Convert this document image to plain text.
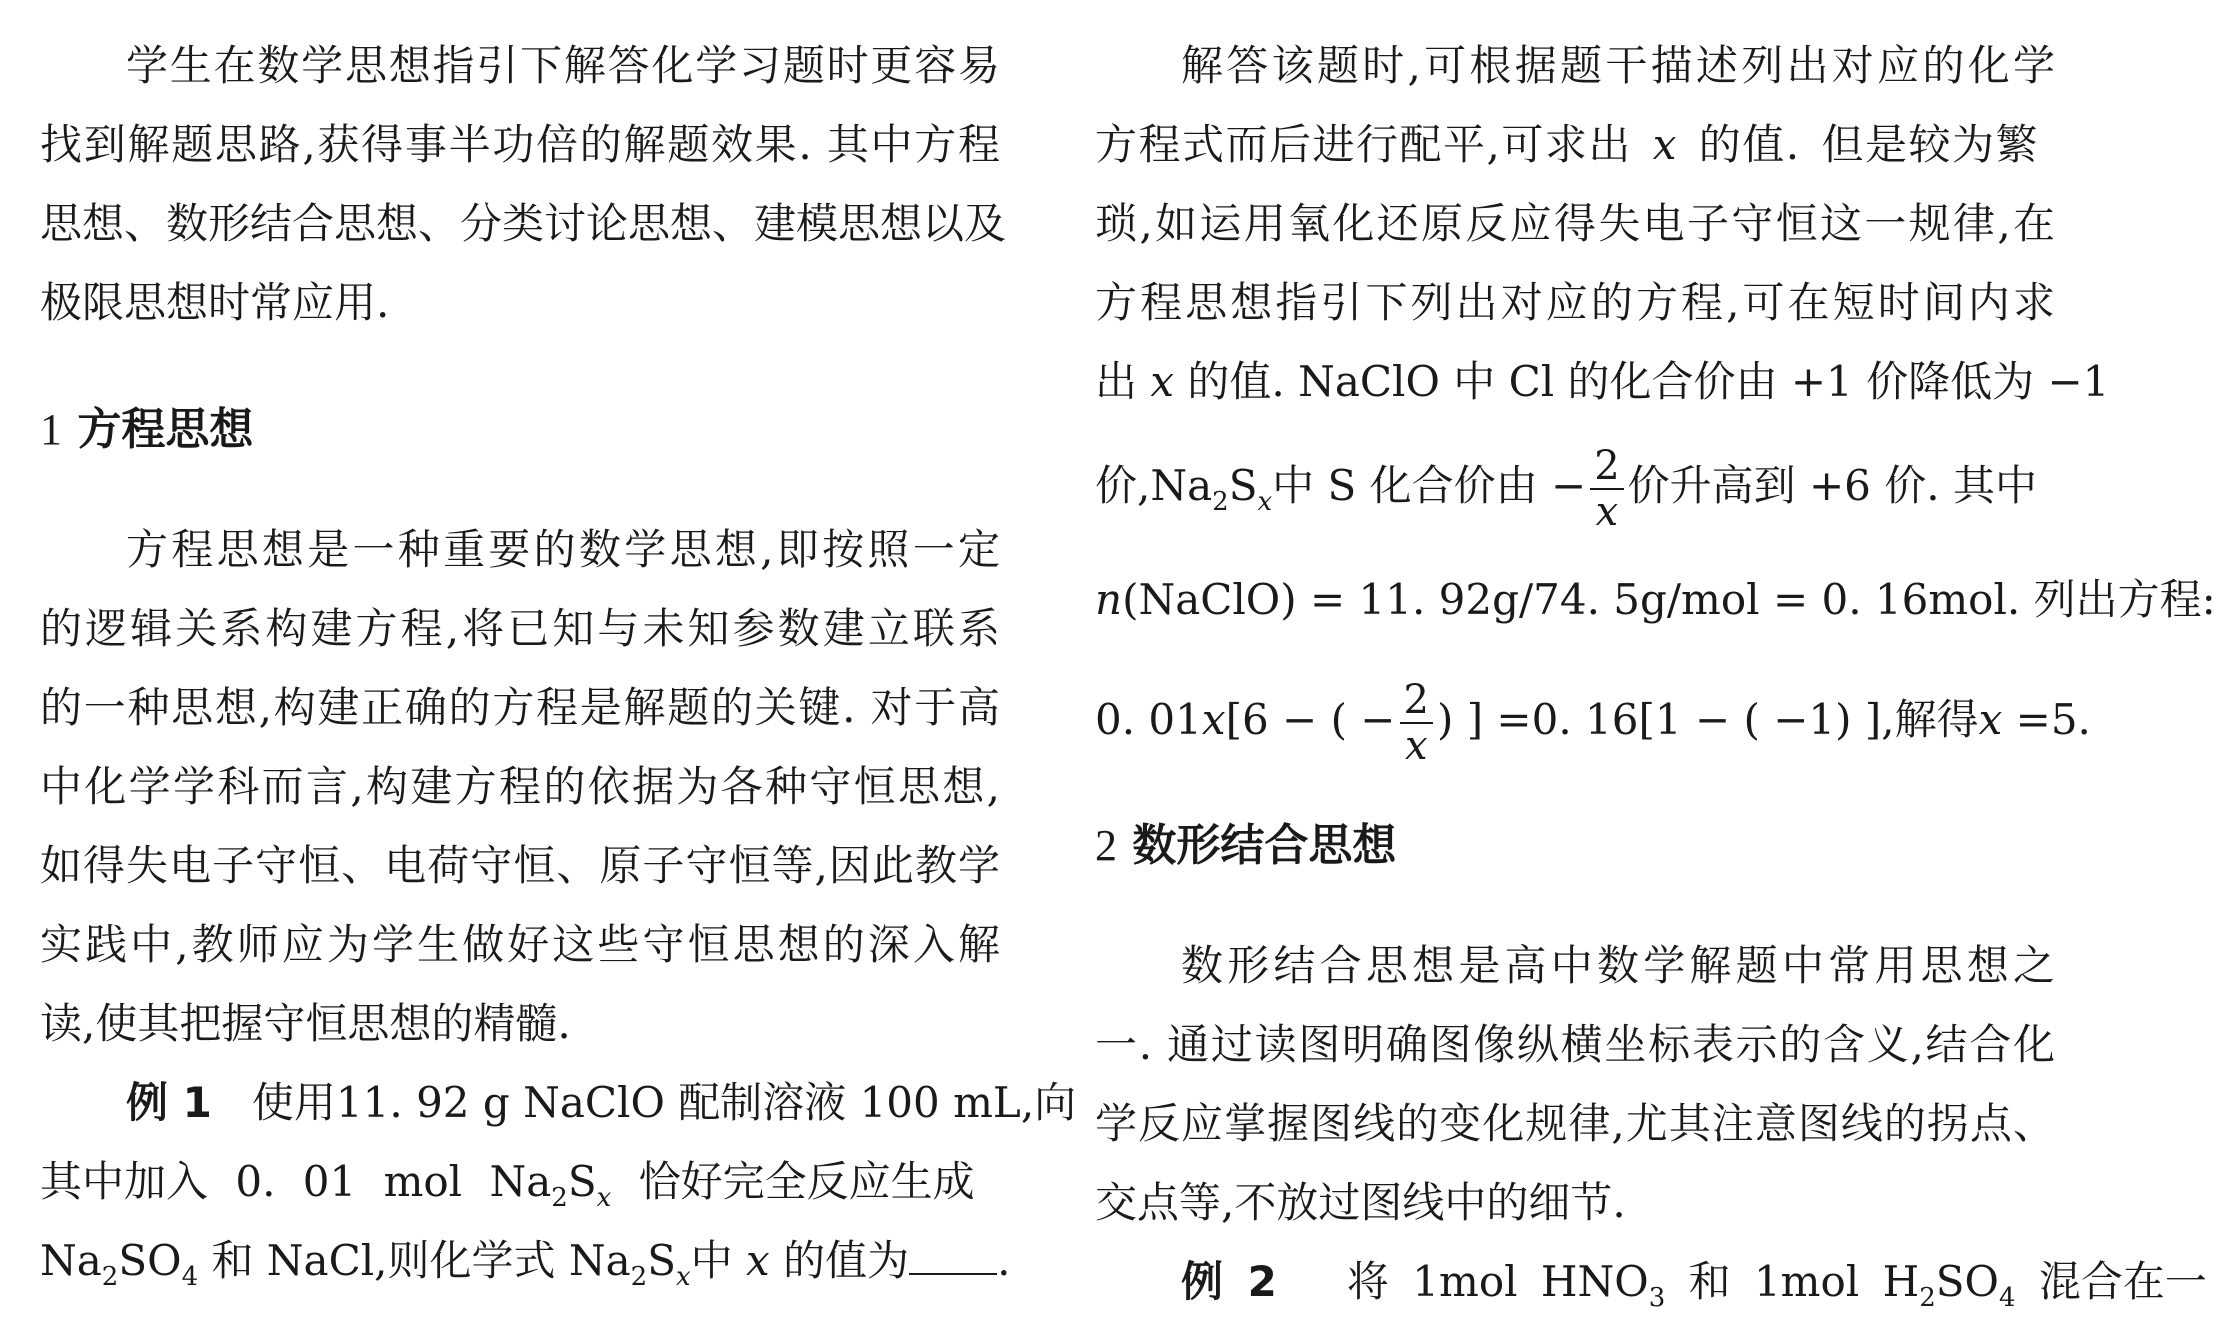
学生在数学思想指引下解答化学习题时更容易
找到解题思路,获得事半功倍的解题效果. 其中方程
思想、数形结合思想、分类讨论思想、建模思想以及
极限思想时常应用.
1 方程思想
方程思想是一种重要的数学思想,即按照一定
的逻辑关系构建方程,将已知与未知参数建立联系
的一种思想,构建正确的方程是解题的关键. 对于高
中化学学科而言,构建方程的依据为各种守恒思想,
如得失电子守恒、电荷守恒、原子守恒等,因此教学
实践中,教师应为学生做好这些守恒思想的深入解
读,使其把握守恒思想的精髓.
例 1 使用11. 92 g NaClO 配制溶液 100 mL,向
其中加入 0. 01 mol $Na_2S_x$ 恰好完全反应生成
$Na_2SO_4$ 和 NaCl,则化学式 $Na_2S_x$中 x 的值为 .
解答该题时,可根据题干描述列出对应的化学
方程式而后进行配平,可求出 x 的值. 但是较为繁
琐,如运用氧化还原反应得失电子守恒这一规律,在
方程思想指引下列出对应的方程,可在短时间内求
出 x 的值. NaClO 中 Cl 的化合价由 +1 价降低为 −1
价$,Na_2S_x$中 S 化合价由 − $\frac{2}{x}$ 价升高到 +6 价. 其中
n(NaClO) = 11. 92g/74. 5g/mol = 0. 16mol. 列出方程:
0. 01x[6 − ( − $\frac{2}{x}$ ) ] =0. 16[1 − ( −1) ],解得x =5.
2 数形结合思想
数形结合思想是高中数学解题中常用思想之
一. 通过读图明确图像纵横坐标表示的含义,结合化
学反应掌握图线的变化规律,尤其注意图线的拐点、
交点等,不放过图线中的细节.
例 2 将 1mol $HNO_3$ 和 1mol $H_2SO_4$ 混合在一
